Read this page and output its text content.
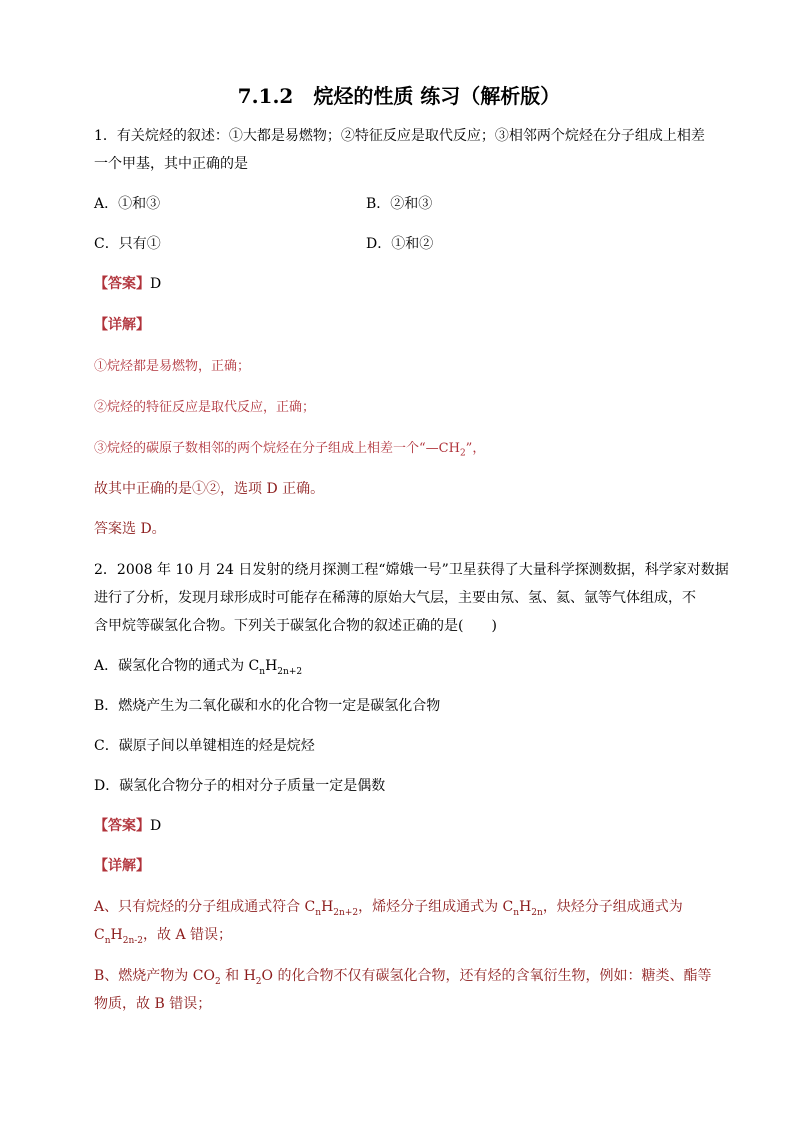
7.1.2　烷烃的性质 练习（解析版）
1．有关烷烃的叙述：①大都是易燃物；②特征反应是取代反应；③相邻两个烷烃在分子组成上相差
一个甲基，其中正确的是
A．①和③	B．②和③
C．只有①	D．①和②
【答案】D
【详解】
①烷烃都是易燃物，正确；
②烷烃的特征反应是取代反应，正确；
③烷烃的碳原子数相邻的两个烷烃在分子组成上相差一个“$—CH_2$”，
故其中正确的是①②，选项 D 正确。
答案选 D。
2．2008 年 10 月 24 日发射的绕月探测工程“嫦娥一号”卫星获得了大量科学探测数据，科学家对数据
进行了分析，发现月球形成时可能存在稀薄的原始大气层，主要由氖、氢、氦、氩等气体组成，不
含甲烷等碳氢化合物。下列关于碳氢化合物的叙述正确的是(　　)
A．碳氢化合物的通式为 $C_nH_{2n+2}$
B．燃烧产生为二氧化碳和水的化合物一定是碳氢化合物
C．碳原子间以单键相连的烃是烷烃
D．碳氢化合物分子的相对分子质量一定是偶数
【答案】D
【详解】
A、只有烷烃的分子组成通式符合 $C_nH_{2n+2}$，烯烃分子组成通式为 $C_nH_{2n}$，炔烃分子组成通式为
$C_nH_{2n-2}$，故 A 错误；
B、燃烧产物为 $CO_2$ 和 $H_2O$ 的化合物不仅有碳氢化合物，还有烃的含氧衍生物，例如：糖类、酯等
物质，故 B 错误；
